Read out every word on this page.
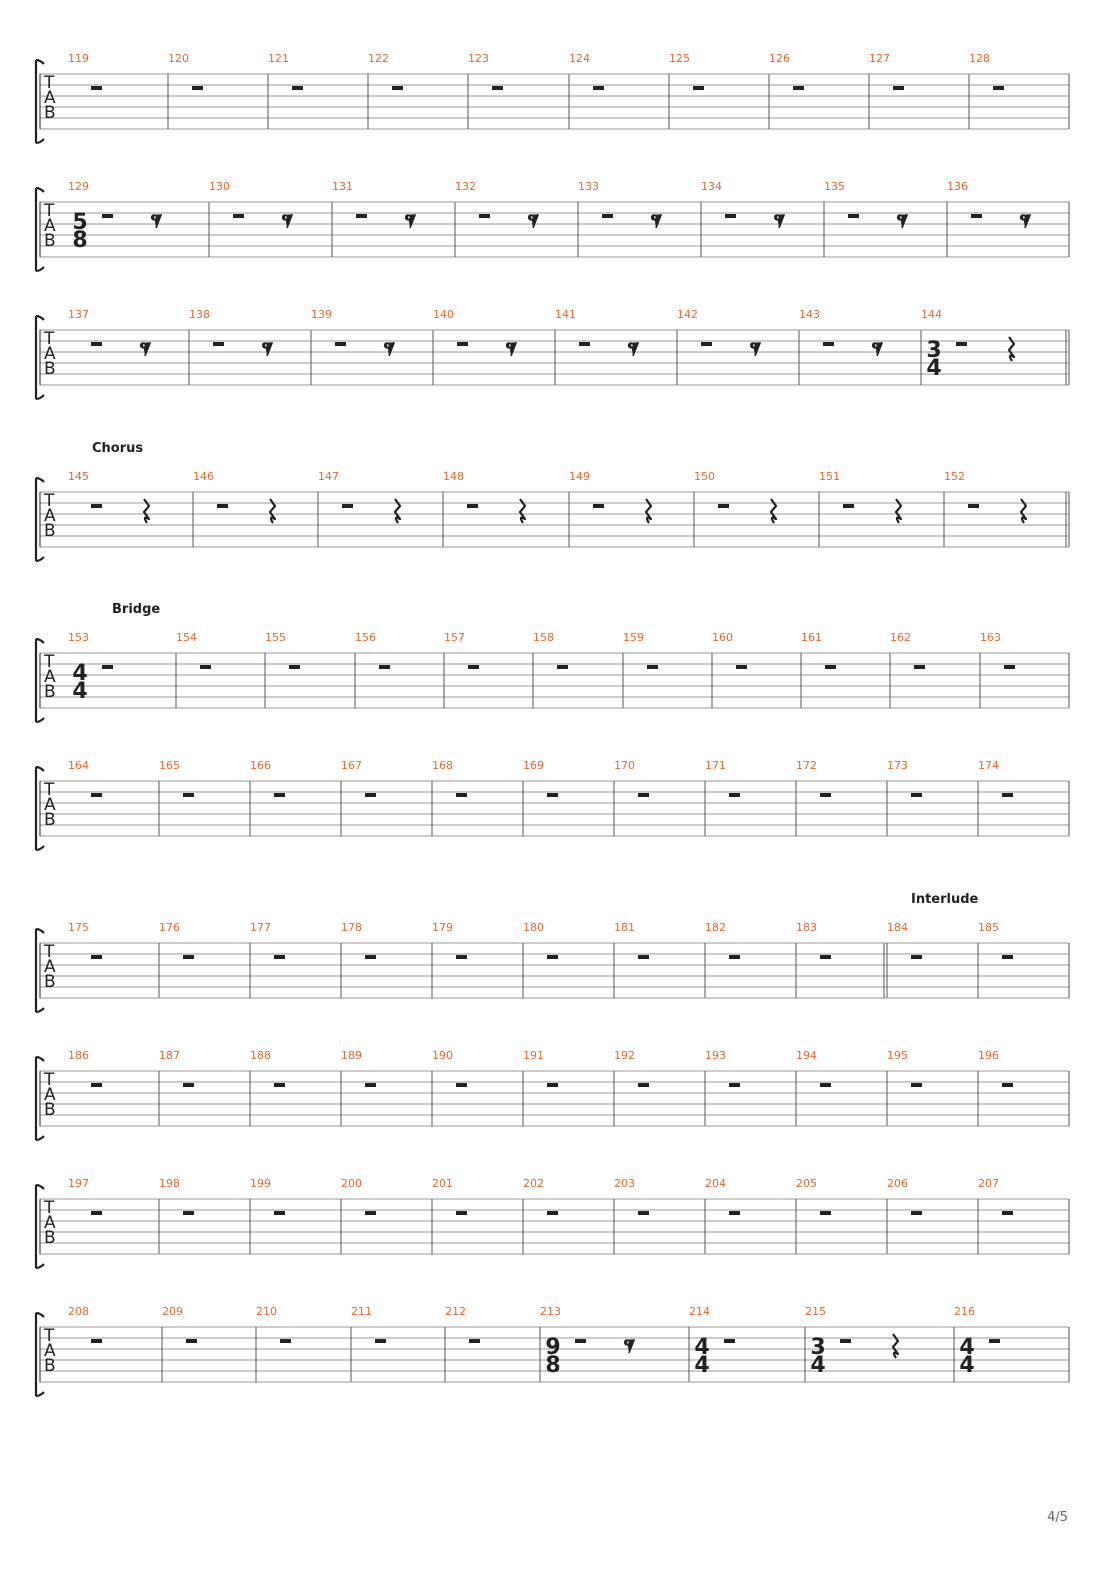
T
A
B
119	120	121	122	123	124	125	126	127	128
T
A
B
129
5
8
130	131	132	133	134	135	136
T
A
B
137	138	139	140	141	142	143	144
3
4
Chorus
T
A
B
145	146	147	148	149	150	151	152
Bridge
T
A
B
153
4
4
154	155	156	157	158	159	160	161	162	163
T
A
B
164	165	166	167	168	169	170	171	172	173	174
T
A
B
175	176	177	178	179	180	181	182	183	184
Interlude
185
T
A
B
186	187	188	189	190	191	192	193	194	195	196
T
A
B
197	198	199	200	201	202	203	204	205	206	207
T
A
B
208	209	210	211	212	213
9
8
214
4
4
215
3
4
216
4
4
4/5
